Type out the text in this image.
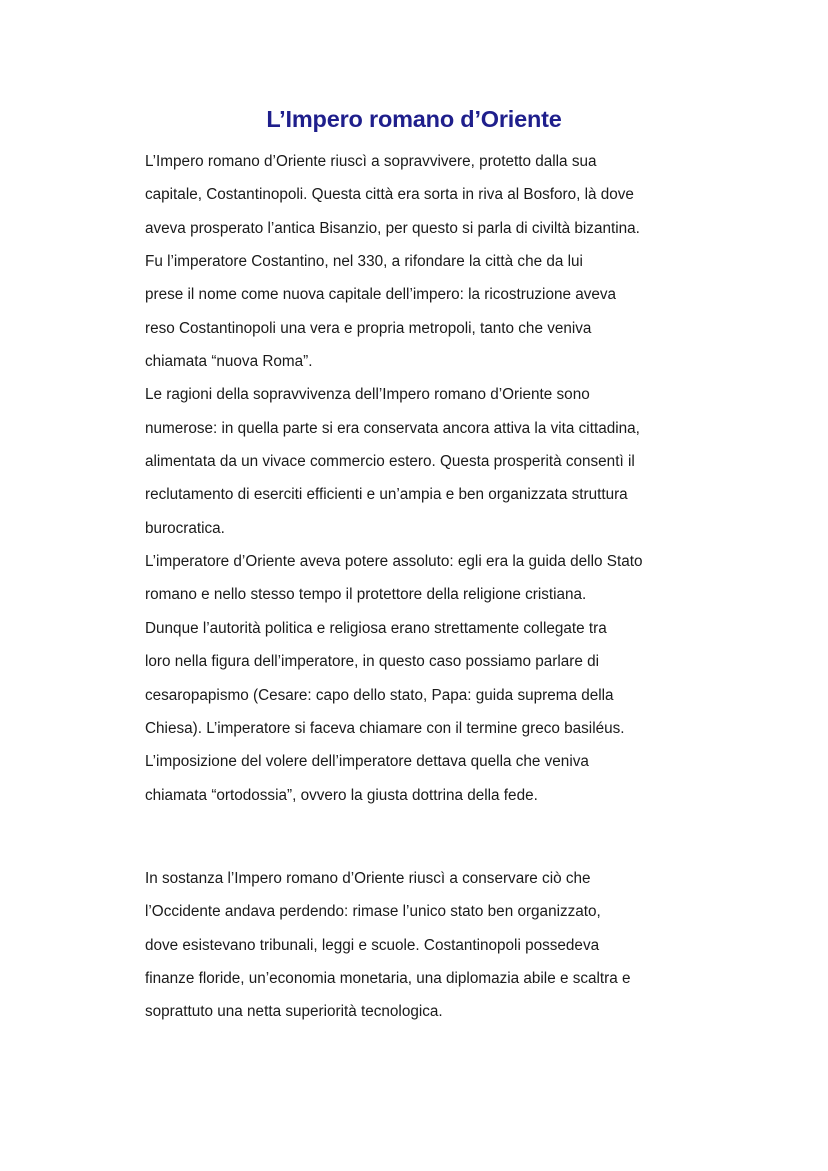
L’Impero romano d’Oriente
L’Impero romano d’Oriente riuscì a sopravvivere, protetto dalla sua
capitale, Costantinopoli. Questa città era sorta in riva al Bosforo, là dove
aveva prosperato l’antica Bisanzio, per questo si parla di civiltà bizantina.
Fu l’imperatore Costantino, nel 330, a rifondare la città che da lui
prese il nome come nuova capitale dell’impero: la ricostruzione aveva
reso Costantinopoli una vera e propria metropoli, tanto che veniva
chiamata “nuova Roma”.
Le ragioni della sopravvivenza dell’Impero romano d’Oriente sono
numerose: in quella parte si era conservata ancora attiva la vita cittadina,
alimentata da un vivace commercio estero. Questa prosperità consentì il
reclutamento di eserciti efficienti e un’ampia e ben organizzata struttura
burocratica.
L’imperatore d’Oriente aveva potere assoluto: egli era la guida dello Stato
romano e nello stesso tempo il protettore della religione cristiana.
Dunque l’autorità politica e religiosa erano strettamente collegate tra
loro nella figura dell’imperatore, in questo caso possiamo parlare di
cesaropapismo (Cesare: capo dello stato, Papa: guida suprema della
Chiesa). L’imperatore si faceva chiamare con il termine greco basiléus.
L’imposizione del volere dell’imperatore dettava quella che veniva
chiamata “ortodossia”, ovvero la giusta dottrina della fede.
In sostanza l’Impero romano d’Oriente riuscì a conservare ciò che
l’Occidente andava perdendo: rimase l’unico stato ben organizzato,
dove esistevano tribunali, leggi e scuole. Costantinopoli possedeva
finanze floride, un’economia monetaria, una diplomazia abile e scaltra e
soprattuto una netta superiorità tecnologica.
